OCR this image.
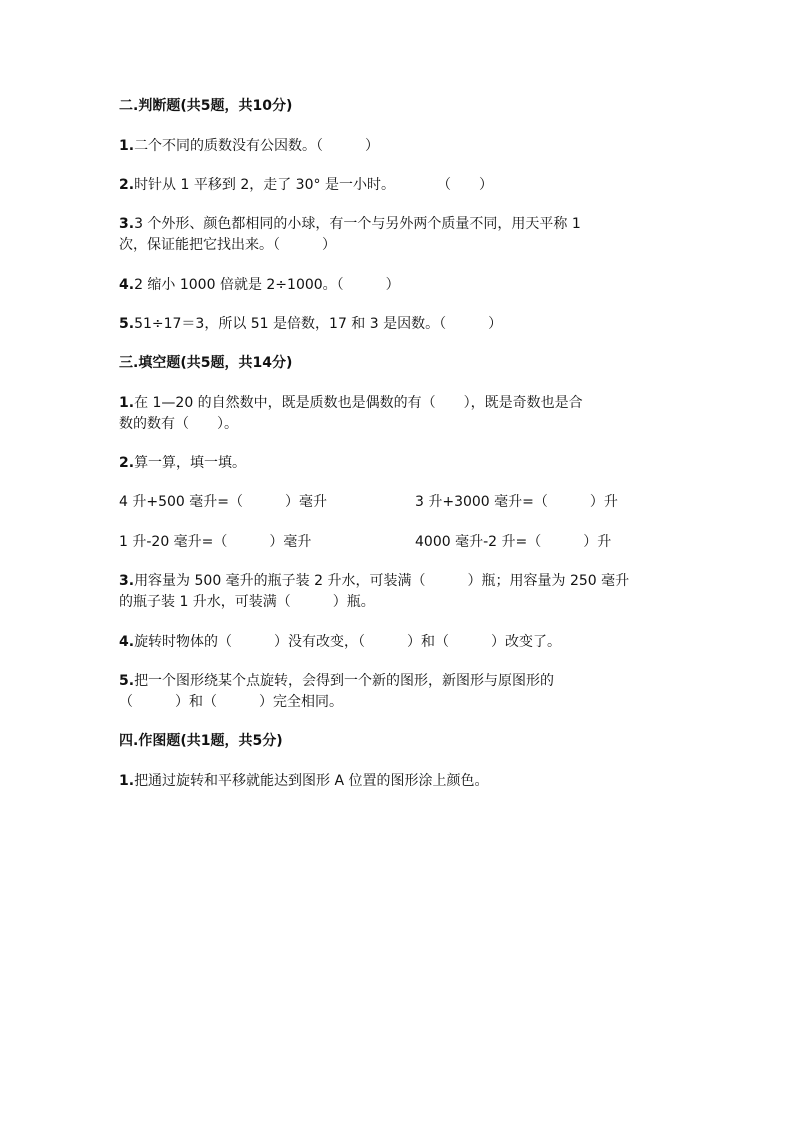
二.判断题(共5题，共10分)
1.二个不同的质数没有公因数。（　　　）
2.时针从 1 平移到 2，走了 30° 是一小时。　　　　（　　）
3.3 个外形、颜色都相同的小球，有一个与另外两个质量不同，用天平称 1
次，保证能把它找出来。（　　　）
4.2 缩小 1000 倍就是 2÷1000。（　　　）
5.51÷17＝3，所以 51 是倍数，17 和 3 是因数。（　　　）
三.填空题(共5题，共14分)
1.在 1—20 的自然数中，既是质数也是偶数的有（　　），既是奇数也是合
数的数有（　　）。
2.算一算，填一填。
4 升+500 毫升=（　　　）毫升	3 升+3000 毫升=（　　　）升
1 升-20 毫升=（　　　）毫升	4000 毫升-2 升=（　　　）升
3.用容量为 500 毫升的瓶子装 2 升水，可装满（　　　）瓶；用容量为 250 毫升
的瓶子装 1 升水，可装满（　　　）瓶。
4.旋转时物体的（　　　）没有改变，（　　　）和（　　　）改变了。
5.把一个图形绕某个点旋转，会得到一个新的图形，新图形与原图形的
（　　　）和（　　　）完全相同。
四.作图题(共1题，共5分)
1.把通过旋转和平移就能达到图形 A 位置的图形涂上颜色。
